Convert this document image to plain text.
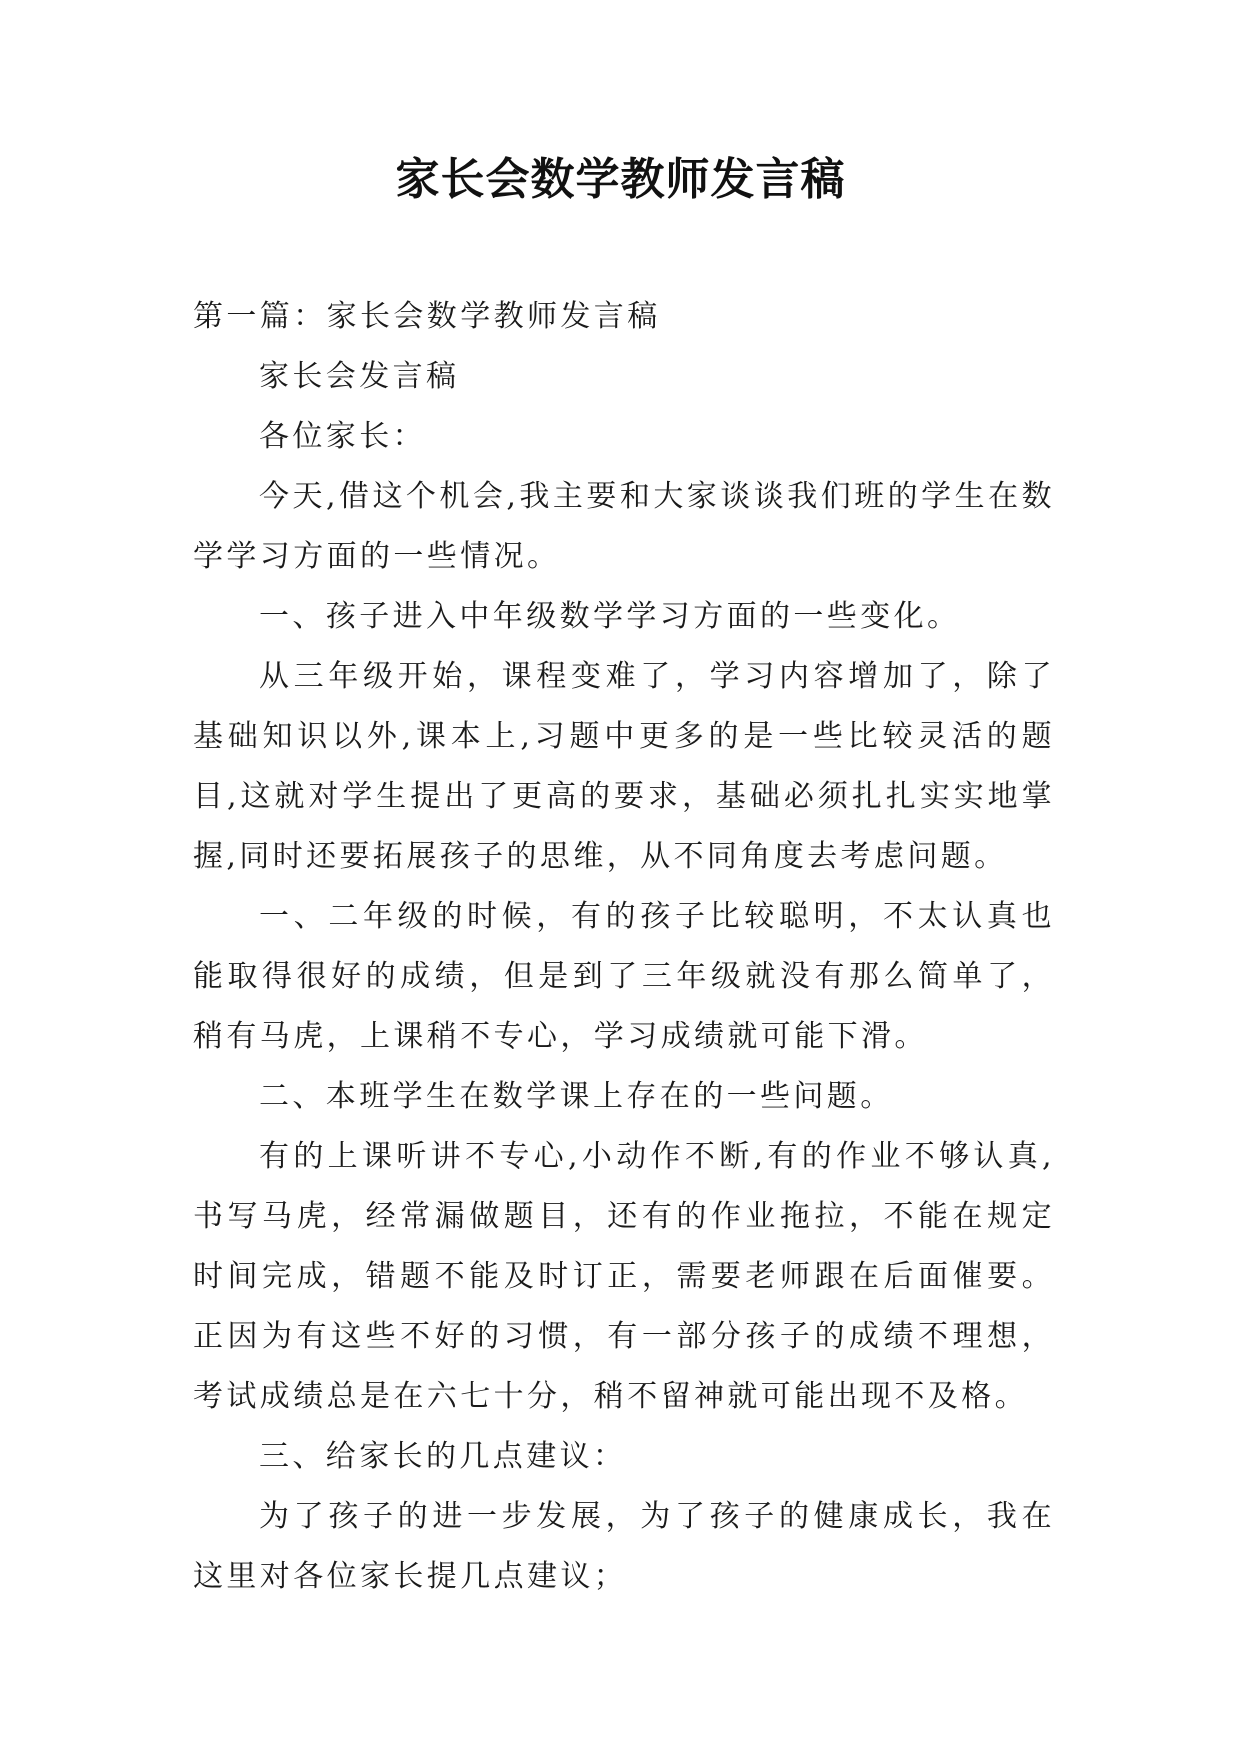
家长会数学教师发言稿

第一篇：家长会数学教师发言稿

家长会发言稿

各位家长：

今天,借这个机会,我主要和大家谈谈我们班的学生在数学学习方面的一些情况。

一、孩子进入中年级数学学习方面的一些变化。

从三年级开始，课程变难了，学习内容增加了，除了基础知识以外,课本上,习题中更多的是一些比较灵活的题目,这就对学生提出了更高的要求，基础必须扎扎实实地掌握,同时还要拓展孩子的思维，从不同角度去考虑问题。

一、二年级的时候，有的孩子比较聪明，不太认真也能取得很好的成绩，但是到了三年级就没有那么简单了，稍有马虎，上课稍不专心，学习成绩就可能下滑。

二、本班学生在数学课上存在的一些问题。

有的上课听讲不专心,小动作不断,有的作业不够认真,书写马虎，经常漏做题目，还有的作业拖拉，不能在规定时间完成，错题不能及时订正，需要老师跟在后面催要。正因为有这些不好的习惯，有一部分孩子的成绩不理想，考试成绩总是在六七十分，稍不留神就可能出现不及格。

三、给家长的几点建议：

为了孩子的进一步发展，为了孩子的健康成长，我在这里对各位家长提几点建议；
